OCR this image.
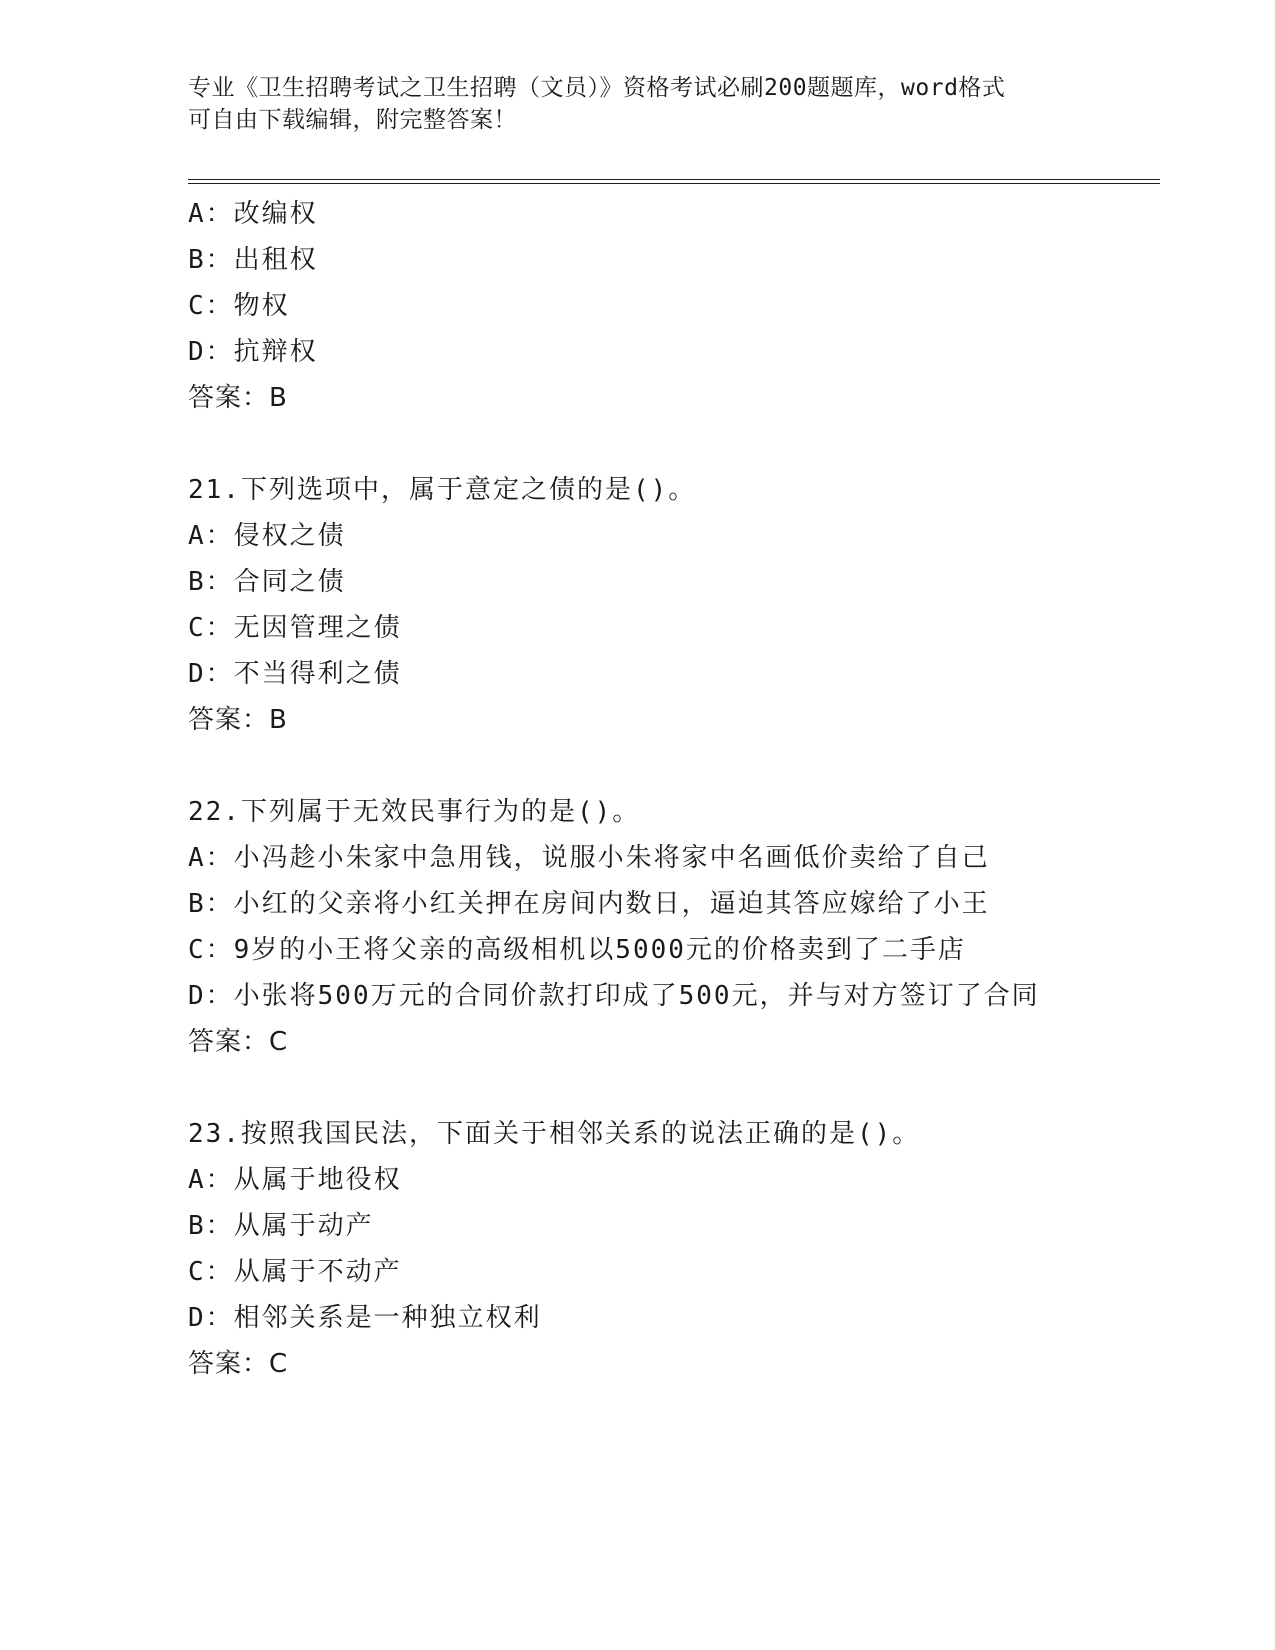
专业《卫生招聘考试之卫生招聘（文员）》资格考试必刷200题题库，word格式
可自由下载编辑，附完整答案！
A：改编权
B：出租权
C：物权
D：抗辩权
答案：B
21.下列选项中，属于意定之债的是()。
A：侵权之债
B：合同之债
C：无因管理之债
D：不当得利之债
答案：B
22.下列属于无效民事行为的是()。
A：小冯趁小朱家中急用钱，说服小朱将家中名画低价卖给了自己
B：小红的父亲将小红关押在房间内数日，逼迫其答应嫁给了小王
C：9岁的小王将父亲的高级相机以5000元的价格卖到了二手店
D：小张将500万元的合同价款打印成了500元，并与对方签订了合同
答案：C
23.按照我国民法，下面关于相邻关系的说法正确的是()。
A：从属于地役权
B：从属于动产
C：从属于不动产
D：相邻关系是一种独立权利
答案：C
